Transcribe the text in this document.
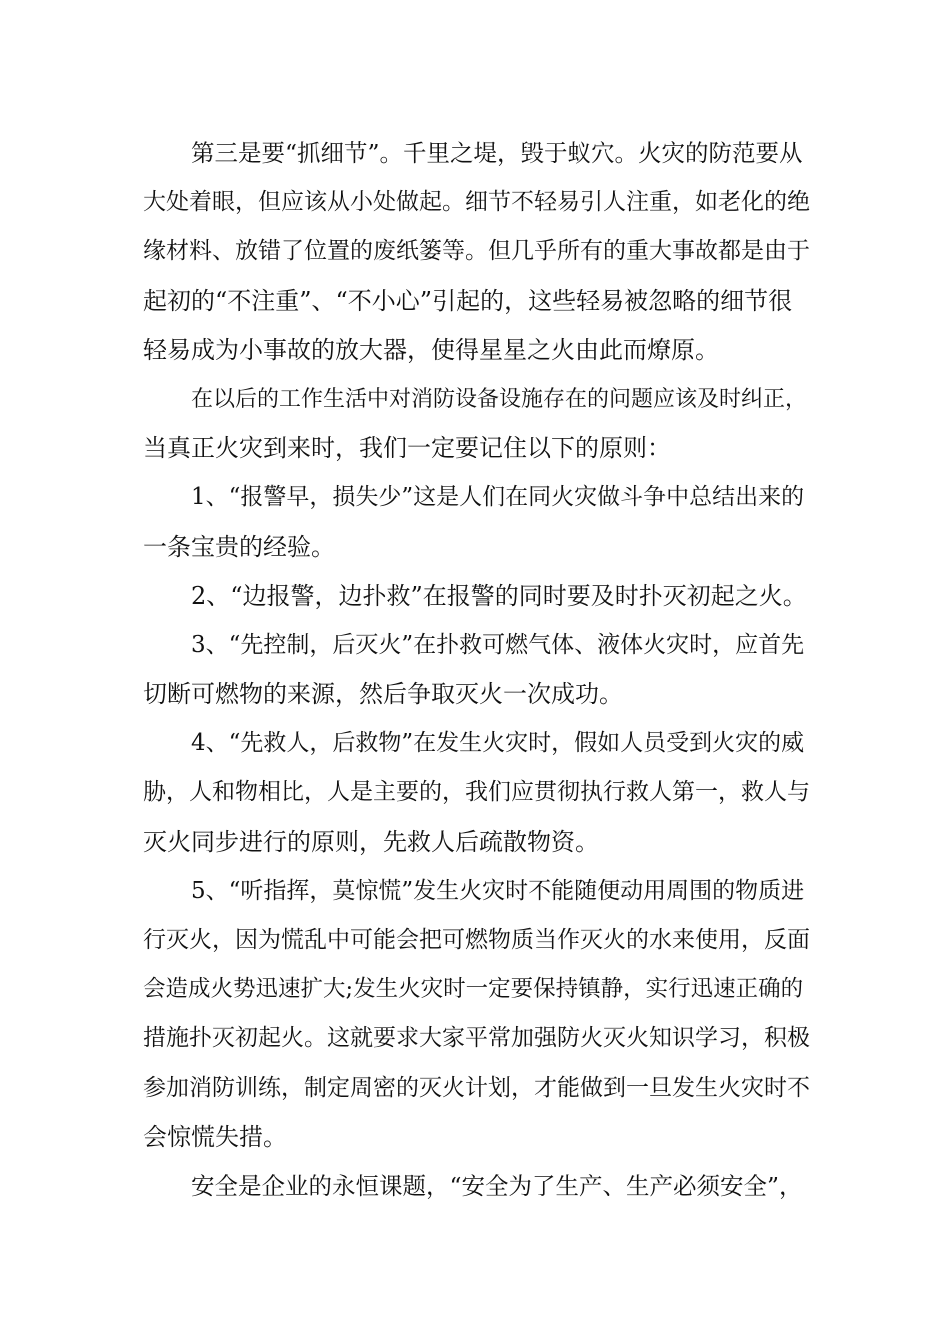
第三是要“抓细节”。千里之堤，毁于蚁穴。火灾的防范要从
大处着眼，但应该从小处做起。细节不轻易引人注重，如老化的绝
缘材料、放错了位置的废纸篓等。但几乎所有的重大事故都是由于
起初的“不注重”、“不小心”引起的，这些轻易被忽略的细节很
轻易成为小事故的放大器，使得星星之火由此而燎原。
在以后的工作生活中对消防设备设施存在的问题应该及时纠正，
当真正火灾到来时，我们一定要记住以下的原则：
1、“报警早，损失少”这是人们在同火灾做斗争中总结出来的
一条宝贵的经验。
2、“边报警，边扑救”在报警的同时要及时扑灭初起之火。
3、“先控制，后灭火”在扑救可燃气体、液体火灾时，应首先
切断可燃物的来源，然后争取灭火一次成功。
4、“先救人，后救物”在发生火灾时，假如人员受到火灾的威
胁，人和物相比，人是主要的，我们应贯彻执行救人第一，救人与
灭火同步进行的原则，先救人后疏散物资。
5、“听指挥，莫惊慌”发生火灾时不能随便动用周围的物质进
行灭火，因为慌乱中可能会把可燃物质当作灭火的水来使用，反面
会造成火势迅速扩大;发生火灾时一定要保持镇静，实行迅速正确的
措施扑灭初起火。这就要求大家平常加强防火灭火知识学习，积极
参加消防训练，制定周密的灭火计划，才能做到一旦发生火灾时不
会惊慌失措。
安全是企业的永恒课题，“安全为了生产、生产必须安全”，
